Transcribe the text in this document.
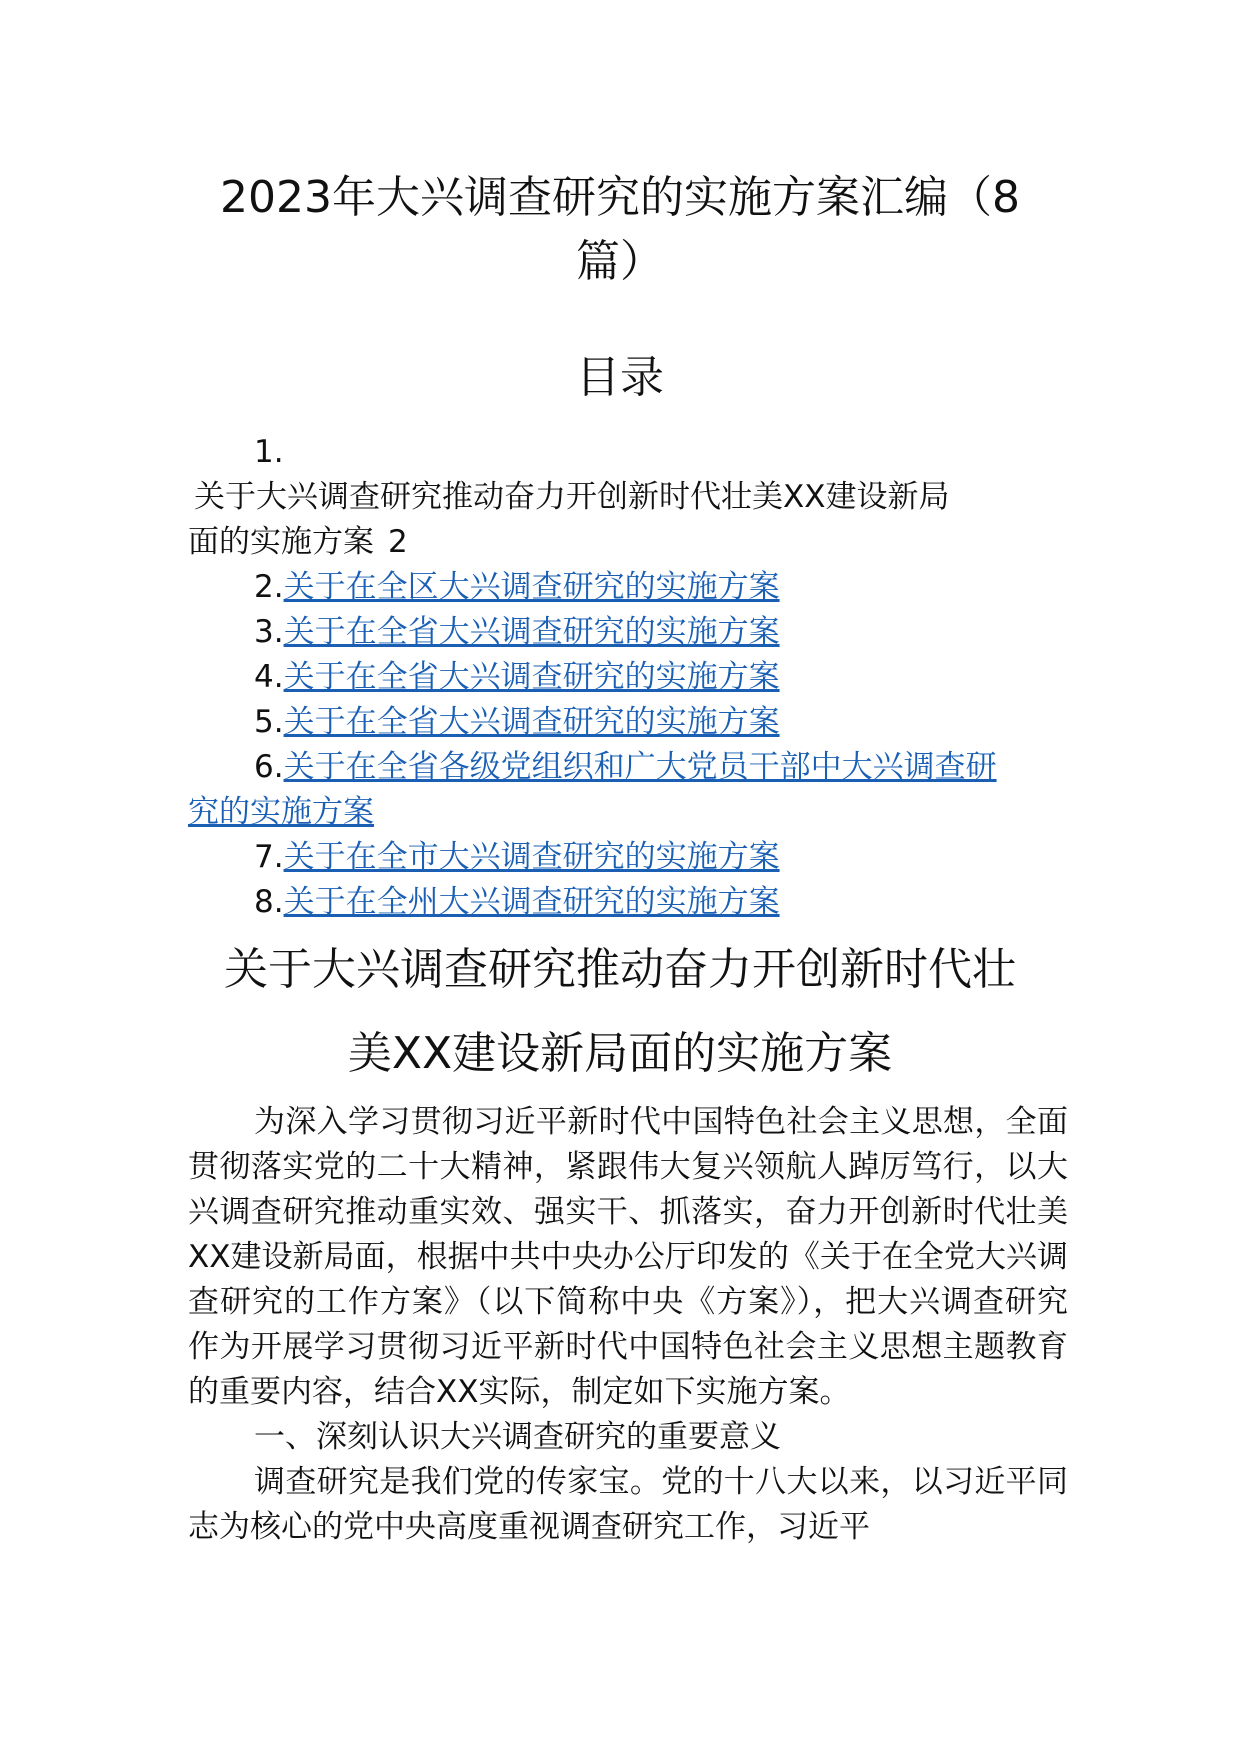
2023年大兴调查研究的实施方案汇编（8
篇）
目录
1.
关于大兴调查研究推动奋力开创新时代壮美XX建设新局
面的实施方案 2
2.关于在全区大兴调查研究的实施方案
3.关于在全省大兴调查研究的实施方案
4.关于在全省大兴调查研究的实施方案
5.关于在全省大兴调查研究的实施方案
6.关于在全省各级党组织和广大党员干部中大兴调查研
究的实施方案
7.关于在全市大兴调查研究的实施方案
8.关于在全州大兴调查研究的实施方案
关于大兴调查研究推动奋力开创新时代壮
美XX建设新局面的实施方案

为深入学习贯彻习近平新时代中国特色社会主义思想，全面贯彻落实党的二十大精神，紧跟伟大复兴领航人踔厉笃行，以大兴调查研究推动重实效、强实干、抓落实，奋力开创新时代壮美XX建设新局面，根据中共中央办公厅印发的《关于在全党大兴调查研究的工作方案》（以下简称中央《方案》），把大兴调查研究作为开展学习贯彻习近平新时代中国特色社会主义思想主题教育的重要内容，结合XX实际，制定如下实施方案。

一、深刻认识大兴调查研究的重要意义

调查研究是我们党的传家宝。党的十八大以来，以习近平同志为核心的党中央高度重视调查研究工作，习近平
